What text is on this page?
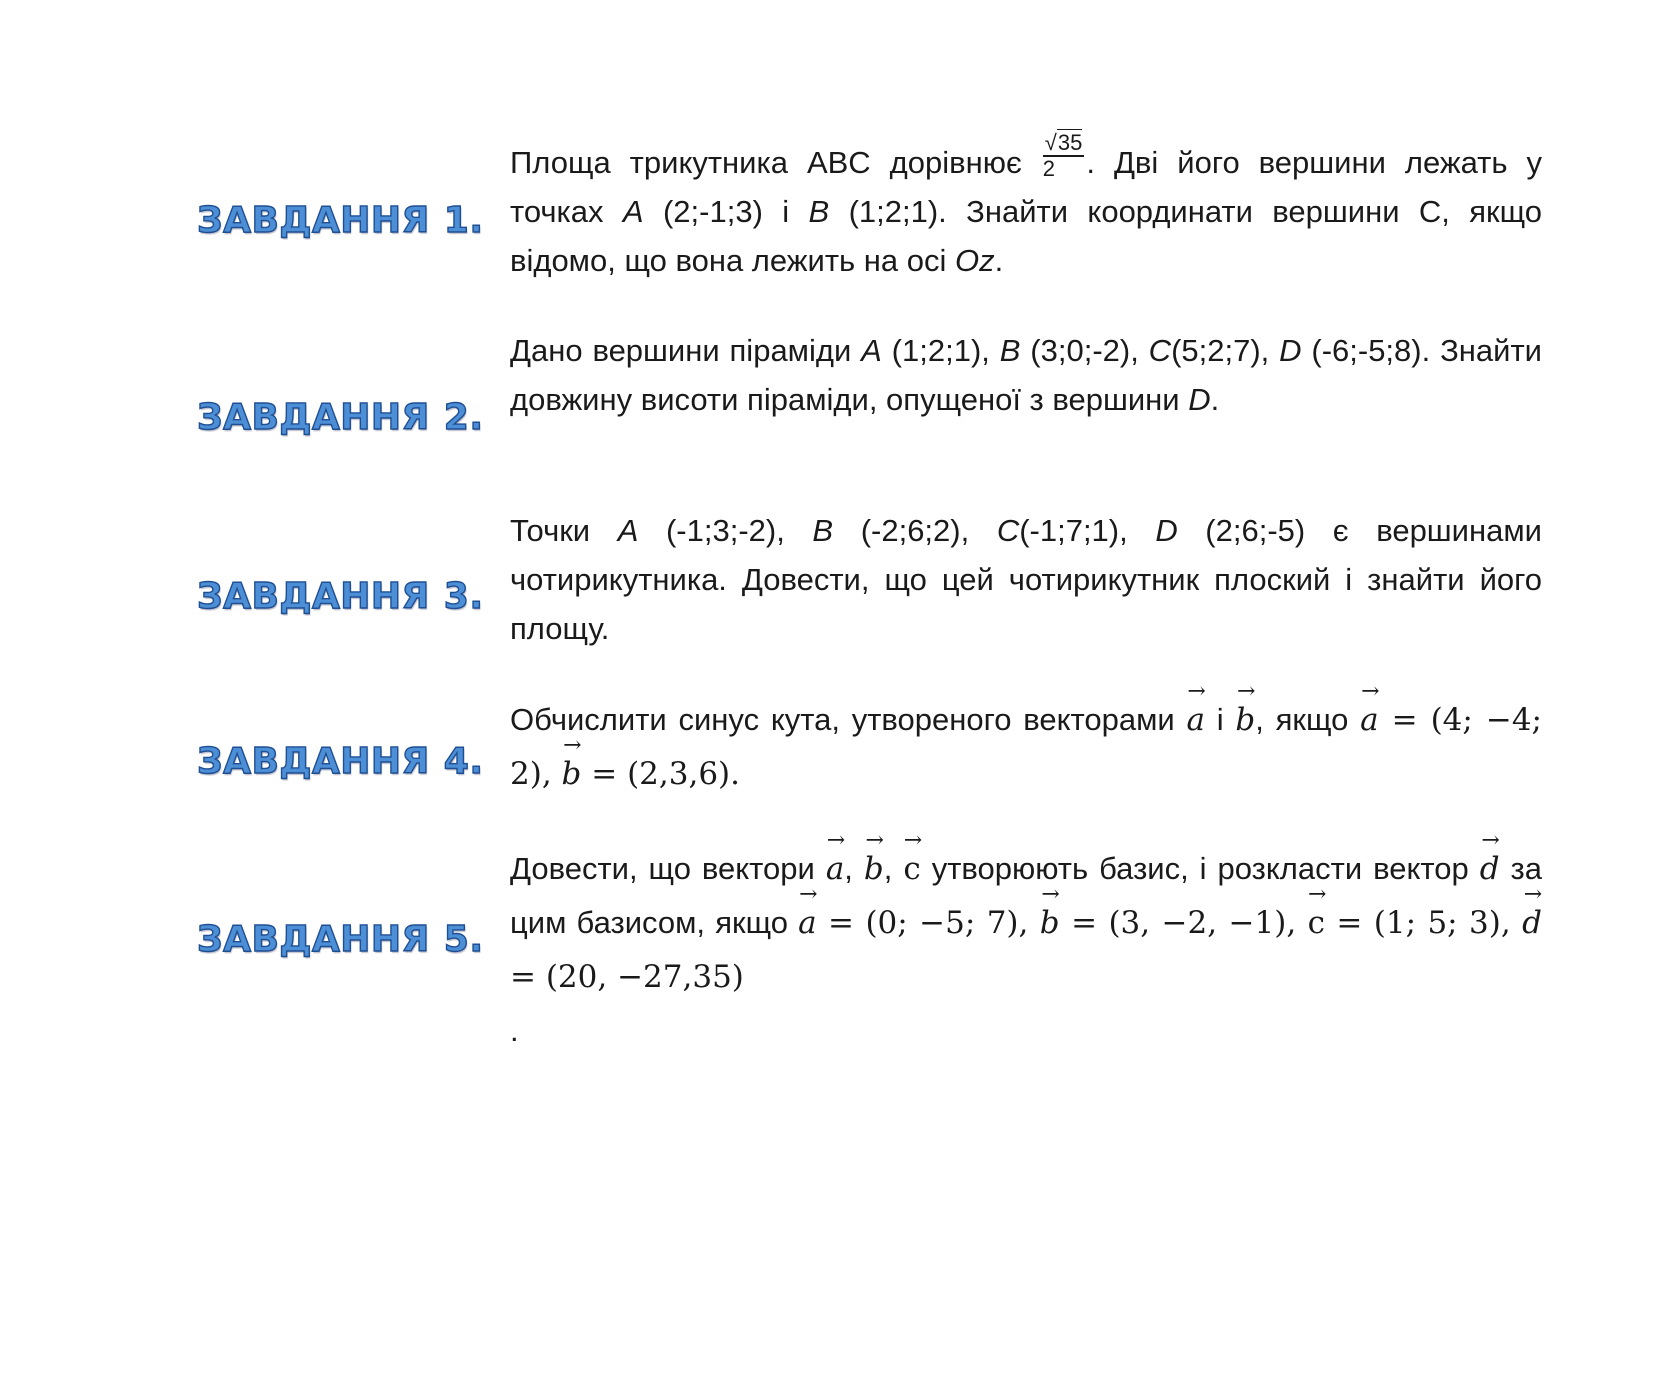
ЗАВДАННЯ 1.

Площа трикутника ABC дорівнює $\frac{√35}{2}$ . Дві його вершини лежать у точках A (2;-1;3) і B (1;2;1). Знайти координати вершини С, якщо відомо, що вона лежить на осі Oz.

ЗАВДАННЯ 2.

Дано вершини піраміди A (1;2;1), B (3;0;-2), C(5;2;7), D (-6;-5;8). Знайти довжину висоти піраміди, опущеної з вершини D.

ЗАВДАННЯ 3.

Точки A (-1;3;-2), B (-2;6;2), C(-1;7;1), D (2;6;-5) є вершинами чотирикутника. Довести, що цей чотирикутник плоский і знайти його площу.

ЗАВДАННЯ 4.

Обчислити синус кута, утвореного векторами a
→
і b
→
, якщо a
→
= (4; −4; 2), b
→
= (2,3,6).

ЗАВДАННЯ 5.

Довести, що вектори a
→
, b
→
, c
→
утворюють базис, і розкласти вектор d
→
за цим базисом, якщо a
→
= (0; −5; 7), b
→
= (3, −2, −1), c
→
= (1; 5; 3), d
→
= (20, −27,35)

.
